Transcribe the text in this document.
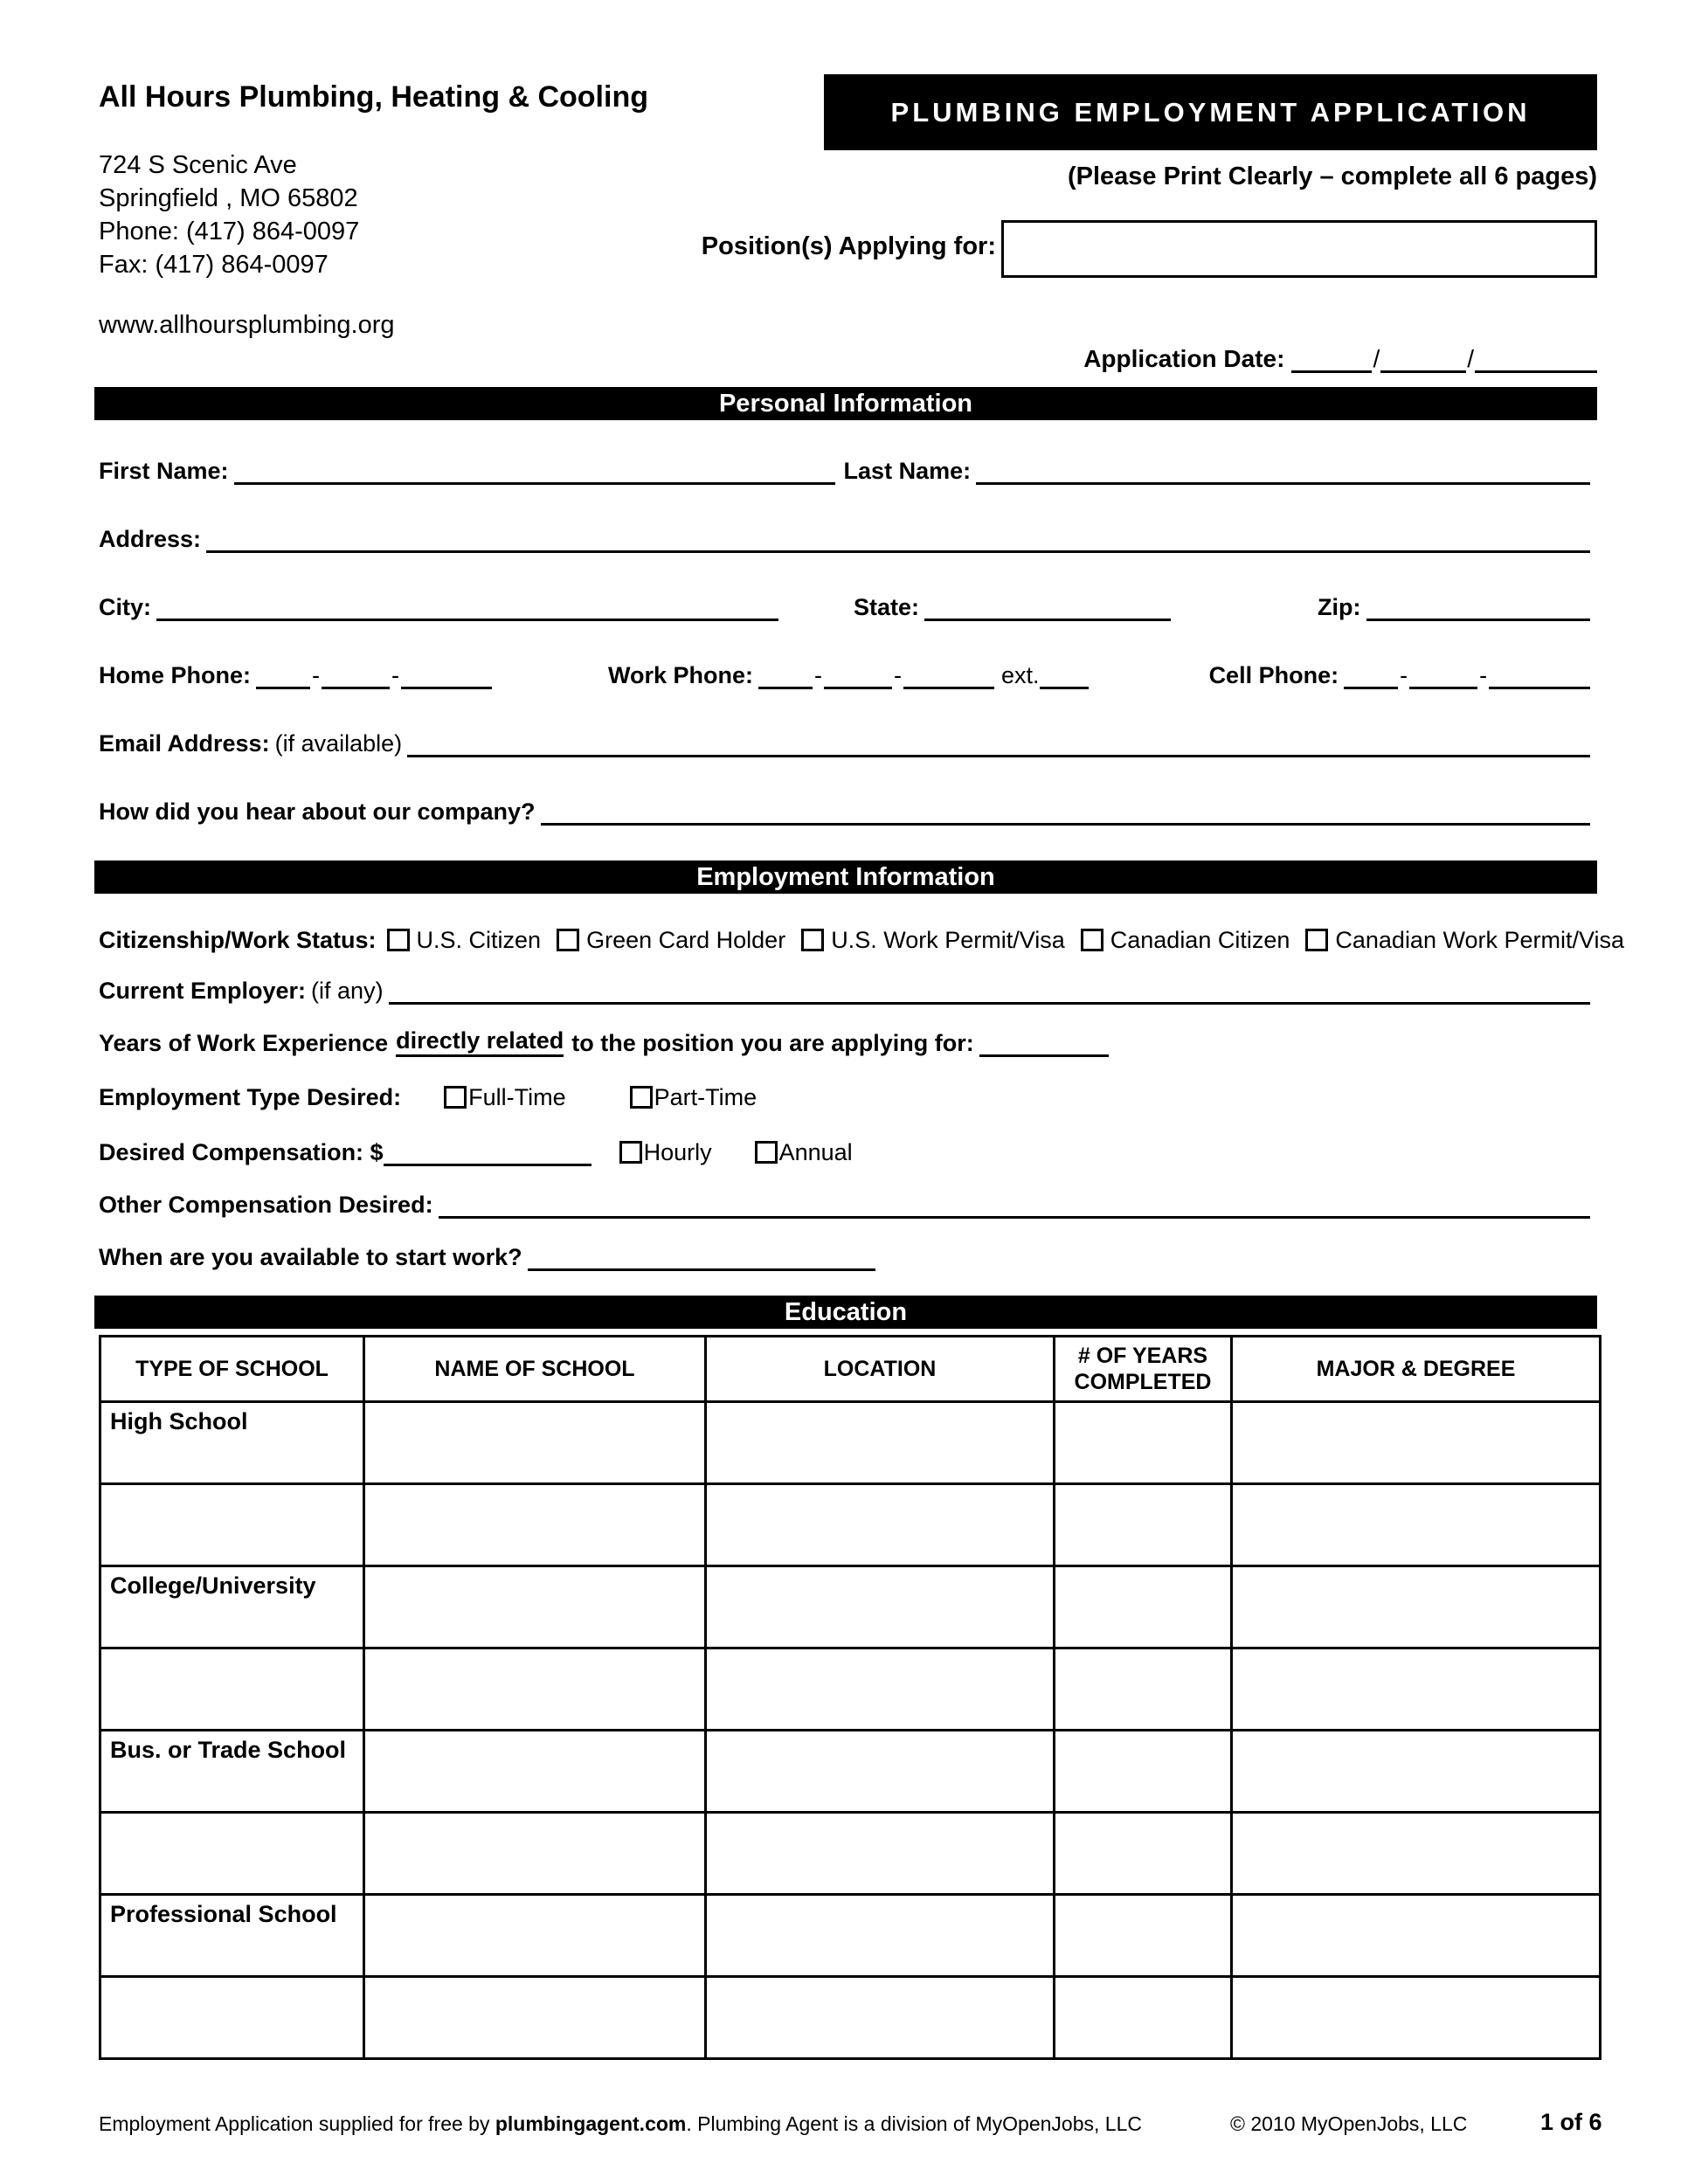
All Hours Plumbing, Heating & Cooling	PLUMBING EMPLOYMENT APPLICATION
724 S Scenic Ave
Springfield , MO 65802
Phone: (417) 864-0097
Fax: (417) 864-0097
(Please Print Clearly – complete all 6 pages)
Position(s) Applying for:
www.allhoursplumbing.org
Application Date:	/	/
Personal Information
First Name:	Last Name:
Address:
City:	State:	Zip:
Home Phone:	-	-	Work Phone:	-	-	ext.	Cell Phone:	-	-
Email Address: (if available)
How did you hear about our company?
Employment Information
Citizenship/Work Status: U.S. Citizen Green Card Holder U.S. Work Permit/Visa Canadian Citizen Canadian Work Permit/Visa
Current Employer: (if any)
Years of Work Experience directly related to the position you are applying for:
Employment Type Desired:	Full-Time	Part-Time
Desired Compensation: $	Hourly	Annual
Other Compensation Desired:
When are you available to start work?
Education
TYPE OF SCHOOL	NAME OF SCHOOL	LOCATION	# OF YEARS COMPLETED	MAJOR & DEGREE
High School				

College/University				

Bus. or Trade School				

Professional School				

Employment Application supplied for free by plumbingagent.com. Plumbing Agent is a division of MyOpenJobs, LLC	© 2010 MyOpenJobs, LLC	1 of 6
